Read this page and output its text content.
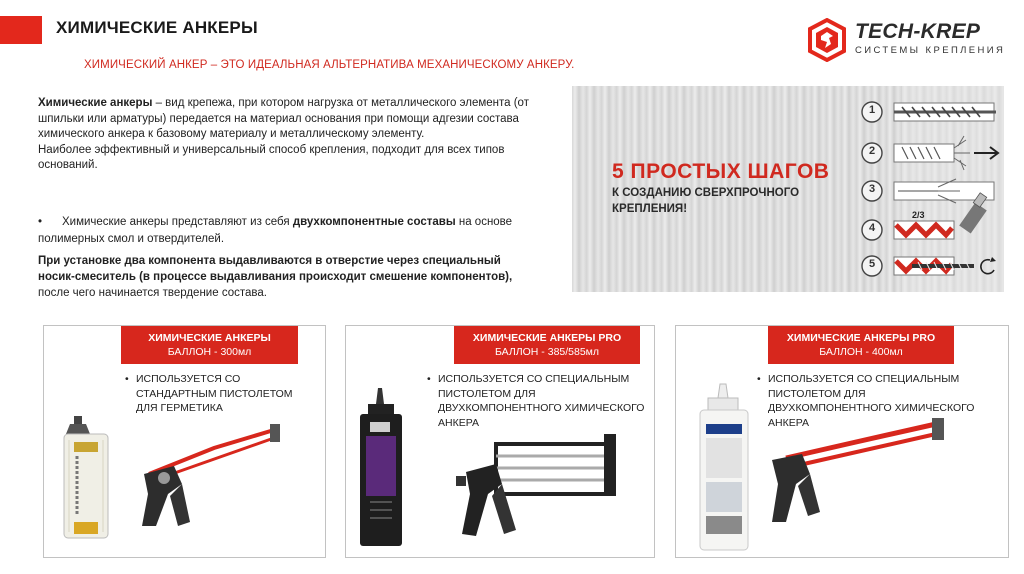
ХИМИЧЕСКИЕ АНКЕРЫ	TECH-KREP
СИСТЕМЫ КРЕПЛЕНИЯ
ХИМИЧЕСКИЙ АНКЕР – ЭТО ИДЕАЛЬНАЯ АЛЬТЕРНАТИВА МЕХАНИЧЕСКОМУ АНКЕРУ.
Химические анкеры – вид крепежа, при котором нагрузка от металлического элемента (от шпильки или арматуры) передается на материал основания при помощи адгезии состава химического анкера к базовому материалу и металлическому элементу.
Наиболее эффективный и универсальный способ крепления, подходит для всех типов оснований.
• Химические анкеры представляют из себя двухкомпонентные составы на основе полимерных смол и отвердителей.
При установке два компонента выдавливаются в отверстие через специальный носик-смеситель (в процессе выдавливания происходит смешение компонентов), после чего начинается твердение состава.
5 ПРОСТЫХ ШАГОВ
К СОЗДАНИЮ СВЕРХПРОЧНОГО КРЕПЛЕНИЯ!
1
2
3
4
5
2/3
ХИМИЧЕСКИЕ АНКЕРЫ
БАЛЛОН - 300мл
• ИСПОЛЬЗУЕТСЯ СО СТАНДАРТНЫМ ПИСТОЛЕТОМ ДЛЯ ГЕРМЕТИКА
ХИМИЧЕСКИЕ АНКЕРЫ PRO
БАЛЛОН - 385/585мл
• ИСПОЛЬЗУЕТСЯ СО СПЕЦИАЛЬНЫМ ПИСТОЛЕТОМ ДЛЯ ДВУХКОМПОНЕНТНОГО ХИМИЧЕСКОГО АНКЕРА
ХИМИЧЕСКИЕ АНКЕРЫ PRO
БАЛЛОН - 400мл
• ИСПОЛЬЗУЕТСЯ СО СПЕЦИАЛЬНЫМ ПИСТОЛЕТОМ ДЛЯ ДВУХКОМПОНЕНТНОГО ХИМИЧЕСКОГО АНКЕРА
